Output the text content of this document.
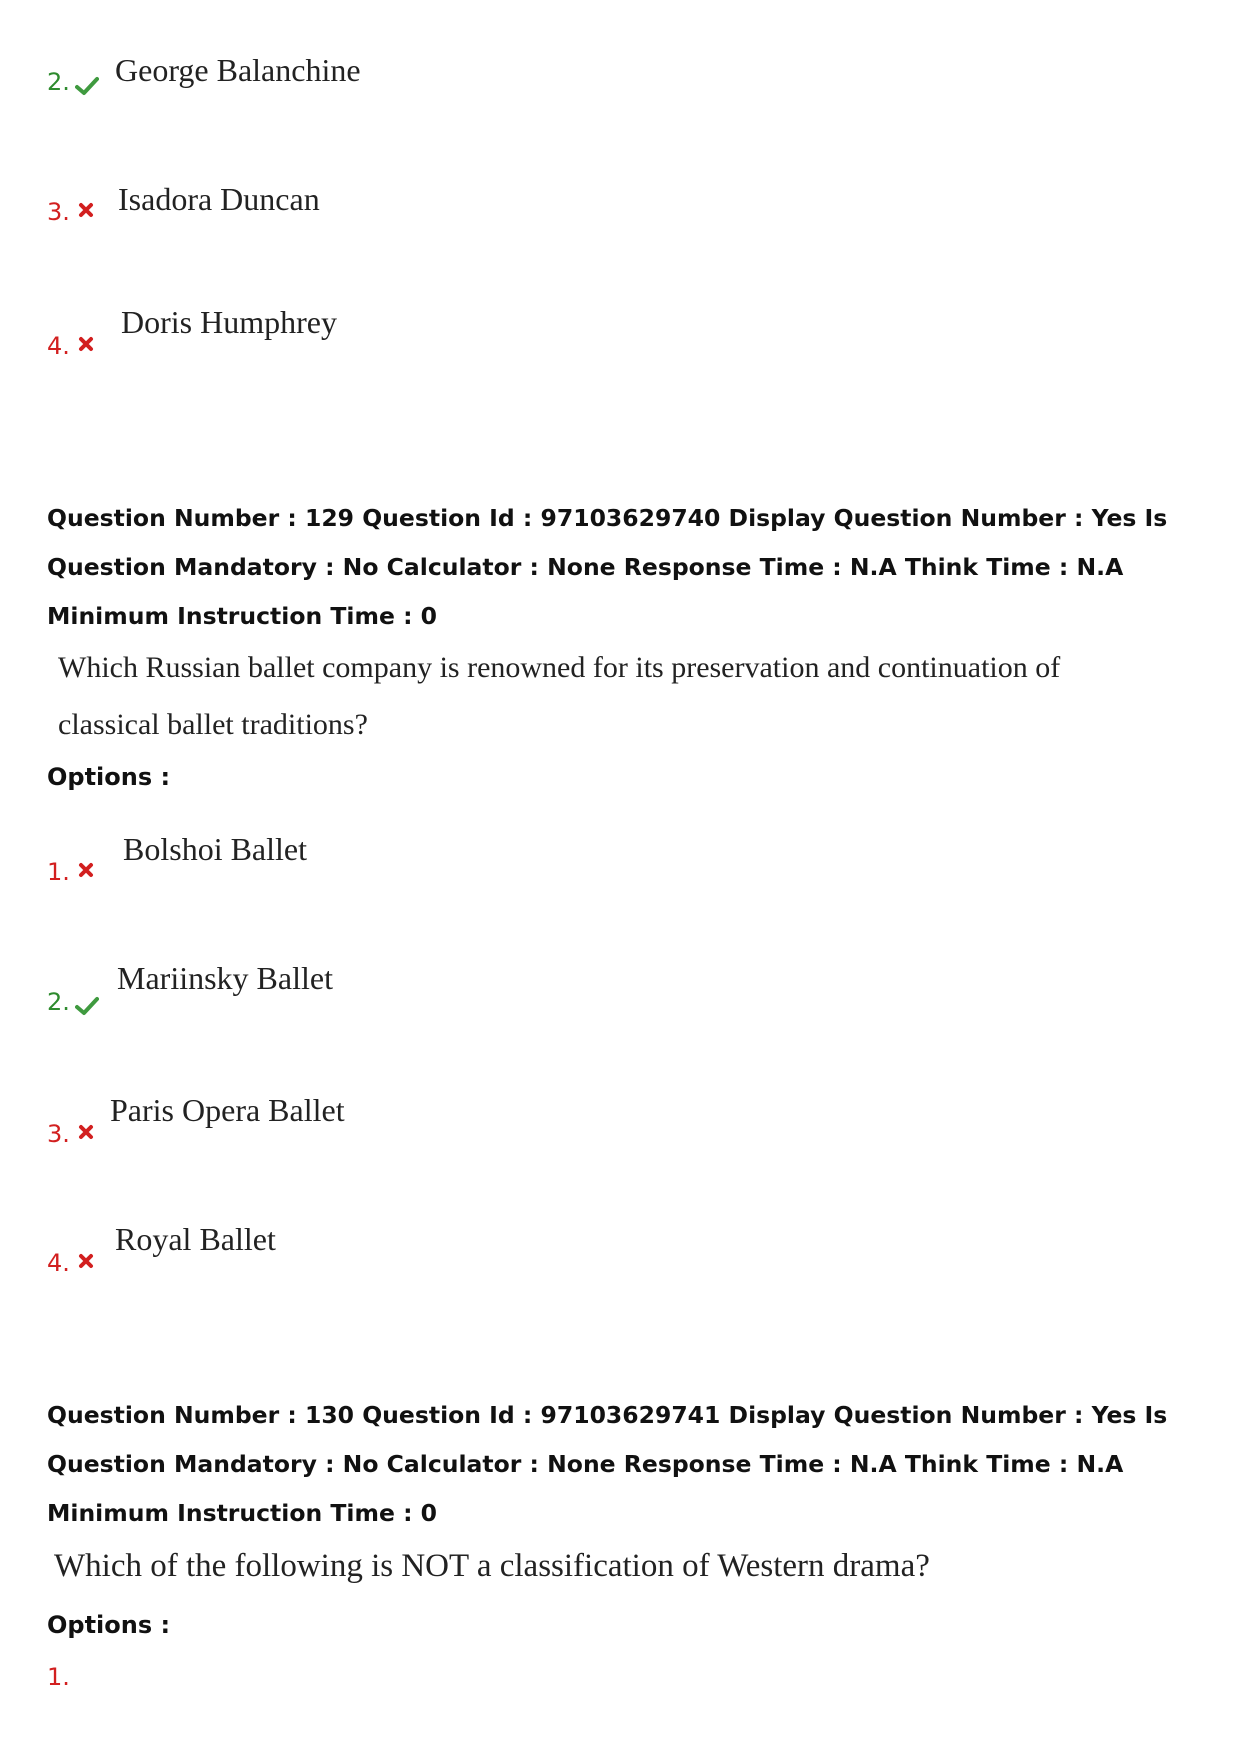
2. George Balanchine
3. Isadora Duncan
4.
Doris Humphrey
Question Number : 129 Question Id : 97103629740 Display Question Number : Yes Is Question Mandatory : No Calculator : None Response Time : N.A Think Time : N.A Minimum Instruction Time : 0
Which Russian ballet company is renowned for its preservation and continuation of
classical ballet traditions?
Options :
1.
Bolshoi Ballet
2.
Mariinsky Ballet
3.
Paris Opera Ballet
4.
Royal Ballet
Question Number : 130 Question Id : 97103629741 Display Question Number : Yes Is Question Mandatory : No Calculator : None Response Time : N.A Think Time : N.A Minimum Instruction Time : 0
Which of the following is NOT a classification of Western drama?
Options :
1.
